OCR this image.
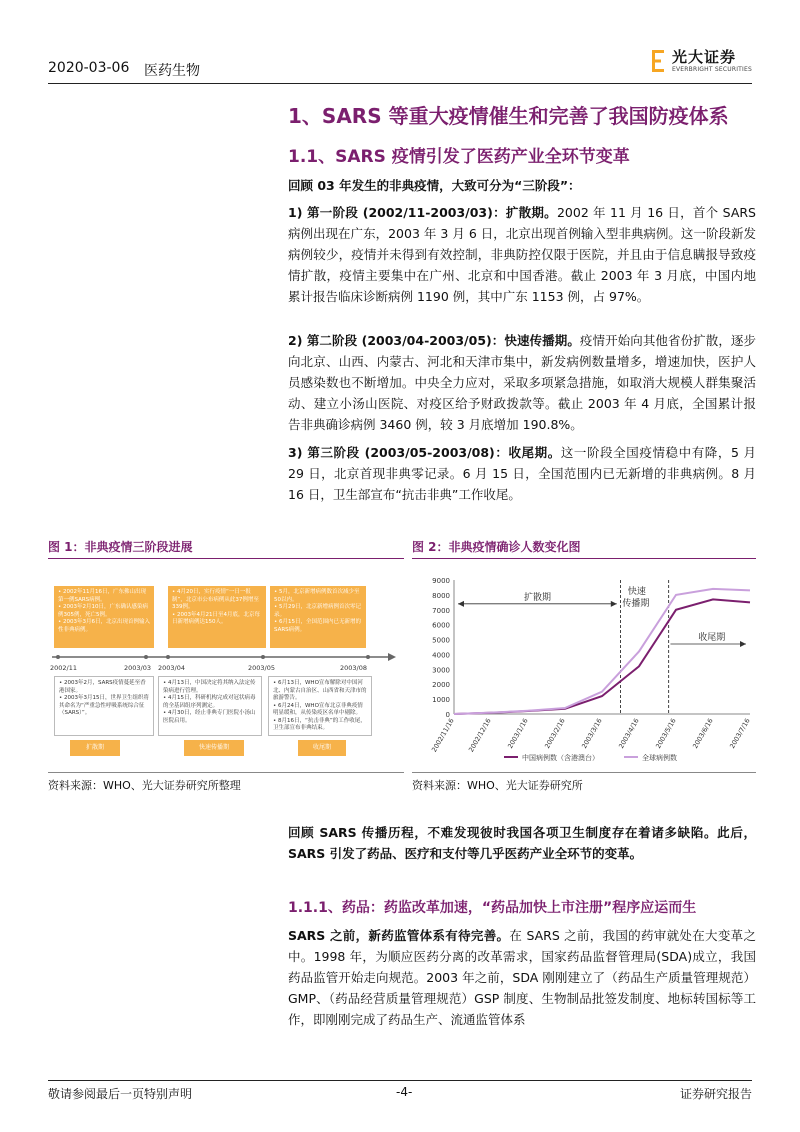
2020-03-06 医药生物
光大证券
EVERBRIGHT SECURITIES
1、SARS 等重大疫情催生和完善了我国防疫体系
1.1、SARS 疫情引发了医药产业全环节变革
回顾 03 年发生的非典疫情，大致可分为“三阶段”：
1) 第一阶段 (2002/11-2003/03)：扩散期。2002 年 11 月 16 日，首个 SARS 病例出现在广东，2003 年 3 月 6 日，北京出现首例输入型非典病例。这一阶段新发病例较少，疫情并未得到有效控制，非典防控仅限于医院，并且由于信息瞒报导致疫情扩散，疫情主要集中在广州、北京和中国香港。截止 2003 年 3 月底，中国内地累计报告临床诊断病例 1190 例，其中广东 1153 例，占 97%。
2) 第二阶段 (2003/04-2003/05)：快速传播期。疫情开始向其他省份扩散，逐步向北京、山西、内蒙古、河北和天津市集中，新发病例数量增多，增速加快，医护人员感染数也不断增加。中央全力应对，采取多项紧急措施，如取消大规模人群集聚活动、建立小汤山医院、对疫区给予财政拨款等。截止 2003 年 4 月底，全国累计报告非典确诊病例 3460 例，较 3 月底增加 190.8%。
3) 第三阶段 (2003/05-2003/08)：收尾期。这一阶段全国疫情稳中有降，5 月 29 日，北京首现非典零记录。6 月 15 日，全国范围内已无新增的非典病例。8 月 16 日，卫生部宣布“抗击非典”工作收尾。
图 1：非典疫情三阶段进展	图 2：非典疫情确诊人数变化图
• 2002年11月16日，广东佛山出现第一例SARS病例。
• 2003年2月10日，广东确认感染病例305例，死亡5例。
• 2003年3月6日，北京出现首例输入性非典病例。
• 4月20日，实行疫情“一日一报制”，北京市公布病例从此37例增至339例。
• 2003年4月21日至4月底，北京每日新增病例达150人。
• 5月，北京新增病例数首次减少至50以内。
• 5月29日，北京新增病例首次零记录。
• 6月15日，全国范围内已无新增的SARS病例。
2002/11	2003/03 2003/04	2003/05	2003/08
• 2003年2月，SARS疫情蔓延至香港国家。
• 2003年3月15日，世界卫生组织将其命名为“严重急性呼吸系统综合征（SARS）”。
• 4月13日，中国决定将其纳入法定传染病进行管理。
• 4月15日，科研机构完成对冠状病毒的全基因组序列测定。
• 4月30日，经止非典专门医院小汤山医院启用。
• 6月13日，WHO宣布解除对中国河北、内蒙古自治区、山西省和天津市的旅游警告。
• 6月24日，WHO宣布北京非典疫情明显缓和，从传染疫区名单中剔除。
• 8月16日，“抗击非典”的工作收尾，卫生部宣布非典结束。
扩散期	快速传播期	收尾期
0
1000
2000
3000
4000
5000
6000
7000
8000
9000
2002/11/16 2002/12/16 2003/1/16 2003/2/16 2003/3/16 2003/4/16 2003/5/16 2003/6/16 2003/7/16
扩散期
快速
传播期
收尾期
中国病例数（含港澳台）	全球病例数
资料来源：WHO、光大证券研究所整理	资料来源：WHO、光大证券研究所
回顾 SARS 传播历程，不难发现彼时我国各项卫生制度存在着诸多缺陷。此后，SARS 引发了药品、医疗和支付等几乎医药产业全环节的变革。
1.1.1、药品：药监改革加速，“药品加快上市注册”程序应运而生
SARS 之前，新药监管体系有待完善。在 SARS 之前，我国的药审就处在大变革之中。1998 年，为顺应医药分离的改革需求，国家药品监督管理局(SDA)成立，我国药品监管开始走向规范。2003 年之前，SDA 刚刚建立了（药品生产质量管理规范）GMP、（药品经营质量管理规范）GSP 制度、生物制品批签发制度、地标转国标等工作，即刚刚完成了药品生产、流通监管体系
敬请参阅最后一页特别声明	-4-	证券研究报告
